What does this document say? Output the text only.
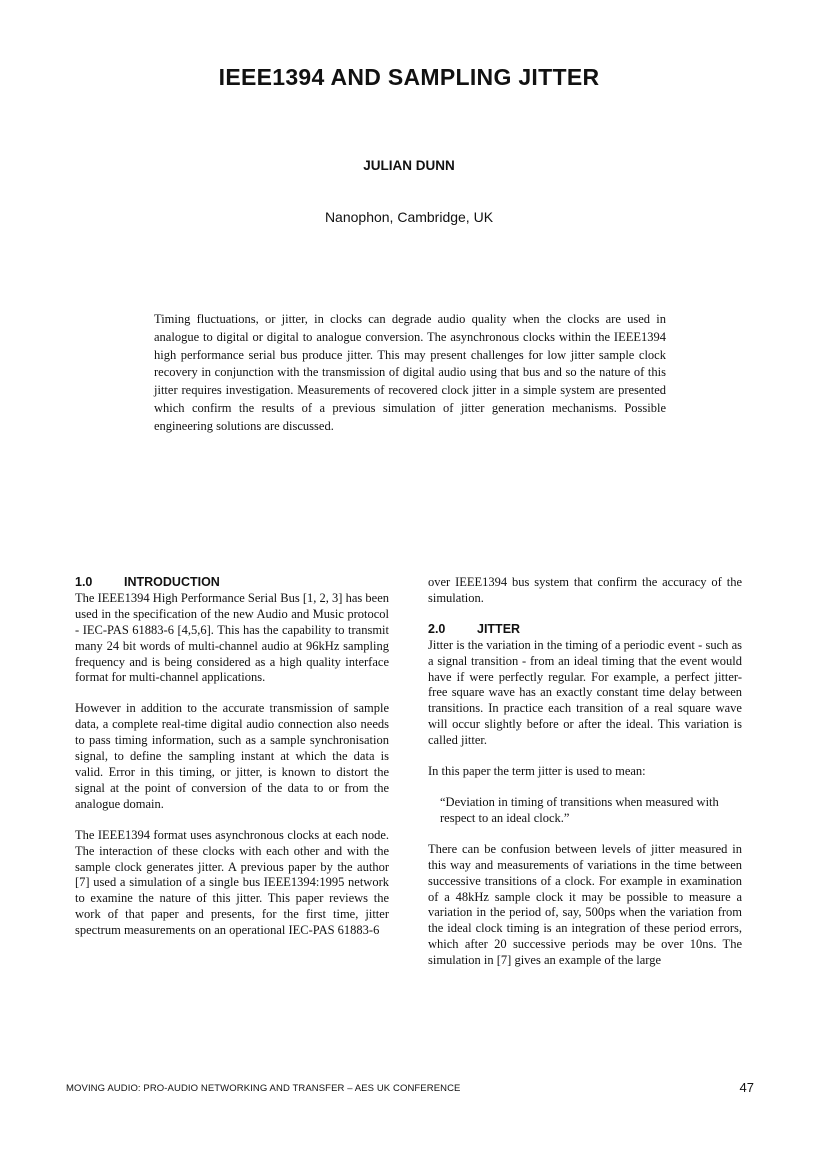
IEEE1394 AND SAMPLING JITTER
JULIAN DUNN
Nanophon, Cambridge, UK
Timing fluctuations, or jitter, in clocks can degrade audio quality when the clocks are used in analogue to digital or digital to analogue conversion. The asynchronous clocks within the IEEE1394 high performance serial bus produce jitter. This may present challenges for low jitter sample clock recovery in conjunction with the transmission of digital audio using that bus and so the nature of this jitter requires investigation. Measurements of recovered clock jitter in a simple system are presented which confirm the results of a previous simulation of jitter generation mechanisms. Possible engineering solutions are discussed.
1.0	INTRODUCTION

The IEEE1394 High Performance Serial Bus [1, 2, 3] has been used in the specification of the new Audio and Music protocol - IEC-PAS 61883-6 [4,5,6]. This has the capability to transmit many 24 bit words of multi-channel audio at 96kHz sampling frequency and is being considered as a high quality interface format for multi-channel applications.

However in addition to the accurate transmission of sample data, a complete real-time digital audio connection also needs to pass timing information, such as a sample synchronisation signal, to define the sampling instant at which the data is valid. Error in this timing, or jitter, is known to distort the signal at the point of conversion of the data to or from the analogue domain.

The IEEE1394 format uses asynchronous clocks at each node. The interaction of these clocks with each other and with the sample clock generates jitter. A previous paper by the author [7] used a simulation of a single bus IEEE1394:1995 network to examine the nature of this jitter. This paper reviews the work of that paper and presents, for the first time, jitter spectrum measurements on an operational IEC-PAS 61883-6

over IEEE1394 bus system that confirm the accuracy of the simulation.

2.0	JITTER

Jitter is the variation in the timing of a periodic event - such as a signal transition - from an ideal timing that the event would have if were perfectly regular. For example, a perfect jitter-free square wave has an exactly constant time delay between transitions. In practice each transition of a real square wave will occur slightly before or after the ideal. This variation is called jitter.

In this paper the term jitter is used to mean:

“Deviation in timing of transitions when measured with respect to an ideal clock.”

There can be confusion between levels of jitter measured in this way and measurements of variations in the time between successive transitions of a clock. For example in examination of a 48kHz sample clock it may be possible to measure a variation in the period of, say, 500ps when the variation from the ideal clock timing is an integration of these period errors, which after 20 successive periods may be over 10ns. The simulation in [7] gives an example of the large

MOVING AUDIO: PRO-AUDIO NETWORKING AND TRANSFER – AES UK CONFERENCE	47
